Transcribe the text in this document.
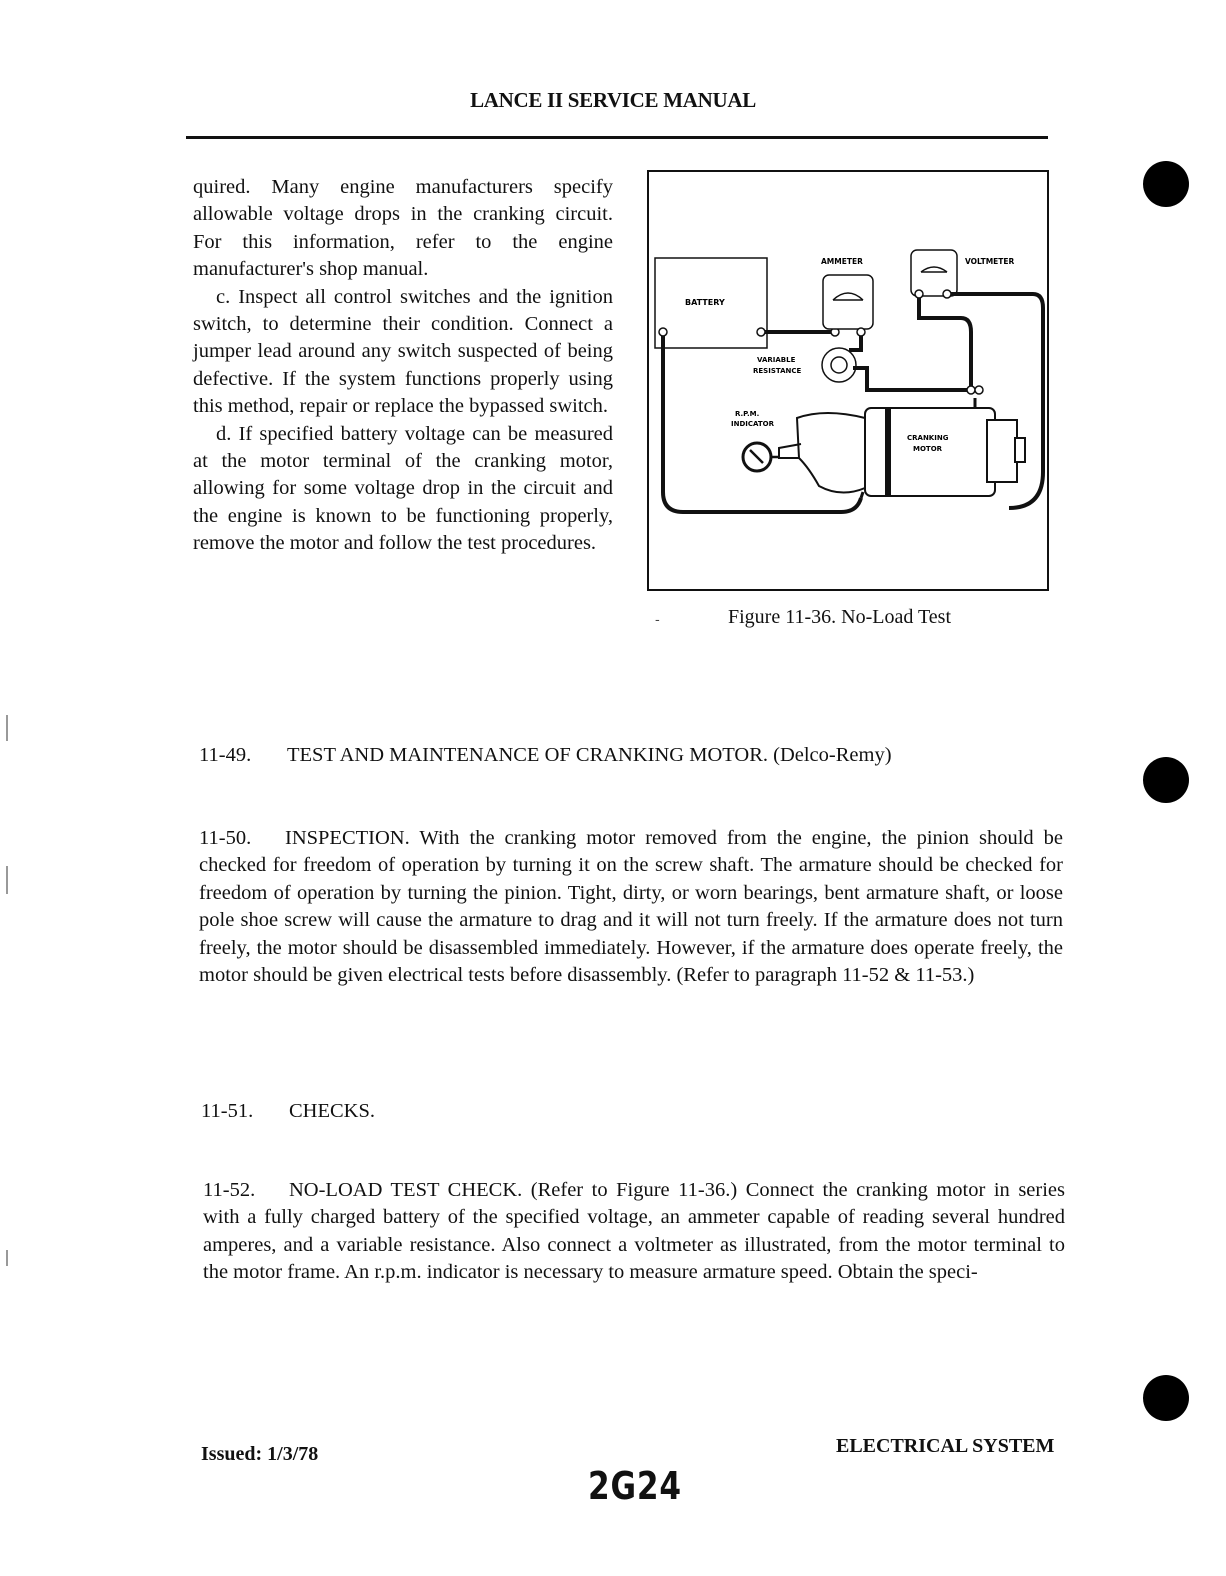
LANCE II SERVICE MANUAL

quired. Many engine manufacturers specify allowable voltage drops in the cranking circuit. For this information, refer to the engine manufacturer's shop manual.

c. Inspect all control switches and the ignition switch, to determine their condition. Connect a jumper lead around any switch suspected of being defective. If the system functions properly using this method, repair or replace the bypassed switch.

d. If specified battery voltage can be measured at the motor terminal of the cranking motor, allowing for some voltage drop in the circuit and the engine is known to be functioning properly, remove the motor and follow the test procedures.

BATTERY
AMMETER
VARIABLE
RESISTANCE
VOLTMETER
CRANKING
MOTOR
R.P.M.
INDICATOR
-	Figure 11-36. No-Load Test
11-49. TEST AND MAINTENANCE OF CRANKING MOTOR. (Delco-Remy)
11-50. INSPECTION. With the cranking motor removed from the engine, the pinion should be checked for freedom of operation by turning it on the screw shaft. The armature should be checked for freedom of operation by turning the pinion. Tight, dirty, or worn bearings, bent armature shaft, or loose pole shoe screw will cause the armature to drag and it will not turn freely. If the armature does not turn freely, the motor should be disassembled immediately. However, if the armature does operate freely, the motor should be given electrical tests before disassembly. (Refer to paragraph 11-52 & 11-53.)
11-51. CHECKS.
11-52. NO-LOAD TEST CHECK. (Refer to Figure 11-36.) Connect the cranking motor in series with a fully charged battery of the specified voltage, an ammeter capable of reading several hundred amperes, and a variable resistance. Also connect a voltmeter as illustrated, from the motor terminal to the motor frame. An r.p.m. indicator is necessary to measure armature speed. Obtain the speci-
Issued: 1/3/78	ELECTRICAL SYSTEM
2G24
